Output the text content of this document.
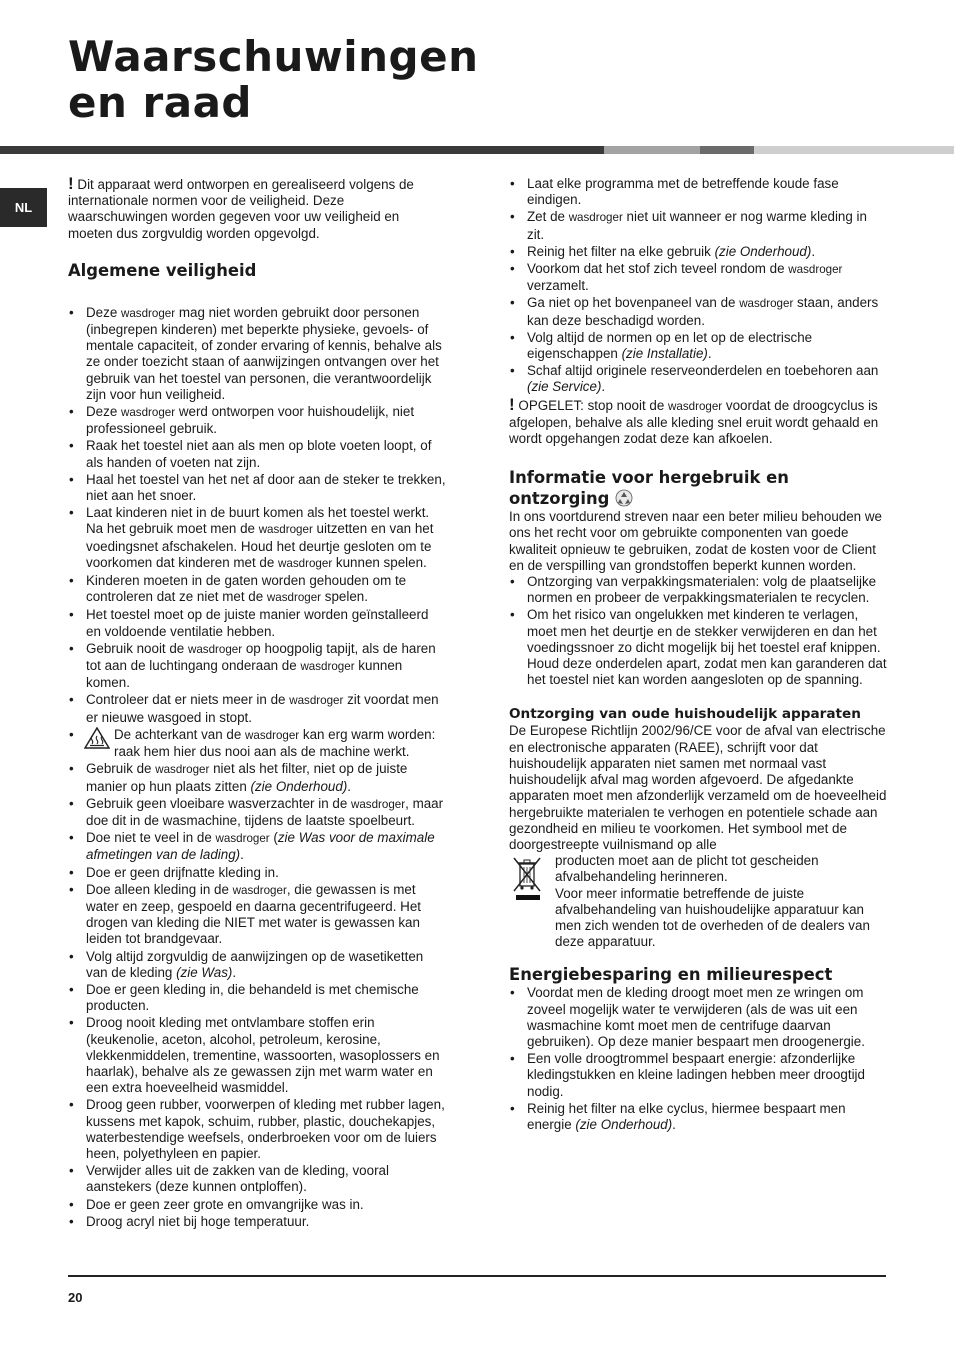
Waarschuwingen
en raad
NL

! Dit apparaat werd ontworpen en gerealiseerd volgens de internationale normen voor de veiligheid. Deze waarschuwingen worden gegeven voor uw veiligheid en moeten dus zorgvuldig worden opgevolgd.

Algemene veiligheid
• Deze wasdroger mag niet worden gebruikt door personen (inbegrepen kinderen) met beperkte physieke, gevoels- of mentale capaciteit, of zonder ervaring of kennis, behalve als ze onder toezicht staan of aanwijzingen ontvangen over het gebruik van het toestel van personen, die verantwoordelijk zijn voor hun veiligheid.
• Deze wasdroger werd ontworpen voor huishoudelijk, niet professioneel gebruik.
• Raak het toestel niet aan als men op blote voeten loopt, of als handen of voeten nat zijn.
• Haal het toestel van het net af door aan de steker te trekken, niet aan het snoer.
• Laat kinderen niet in de buurt komen als het toestel werkt. Na het gebruik moet men de wasdroger uitzetten en van het voedingsnet afschakelen. Houd het deurtje gesloten om te voorkomen dat kinderen met de wasdroger kunnen spelen.
• Kinderen moeten in de gaten worden gehouden om te controleren dat ze niet met de wasdroger spelen.
• Het toestel moet op de juiste manier worden geïnstalleerd en voldoende ventilatie hebben.
• Gebruik nooit de wasdroger op hoogpolig tapijt, als de haren tot aan de luchtingang onderaan de wasdroger kunnen komen.
• Controleer dat er niets meer in de wasdroger zit voordat men er nieuwe wasgoed in stopt.
• De achterkant van de wasdroger kan erg warm worden:
raak hem hier dus nooi aan als de machine werkt.
• Gebruik de wasdroger niet als het filter, niet op de juiste manier op hun plaats zitten (zie Onderhoud).
• Gebruik geen vloeibare wasverzachter in de wasdroger, maar doe dit in de wasmachine, tijdens de laatste spoelbeurt.
• Doe niet te veel in de wasdroger (zie Was voor de maximale afmetingen van de lading).
• Doe er geen drijfnatte kleding in.
• Doe alleen kleding in de wasdroger, die gewassen is met water en zeep, gespoeld en daarna gecentrifugeerd. Het drogen van kleding die NIET met water is gewassen kan leiden tot brandgevaar.
• Volg altijd zorgvuldig de aanwijzingen op de wasetiketten van de kleding (zie Was).
• Doe er geen kleding in, die behandeld is met chemische producten.
• Droog nooit kleding met ontvlambare stoffen erin (keukenolie, aceton, alcohol, petroleum, kerosine, vlekkenmiddelen, trementine, wassoorten, wasoplossers en haarlak), behalve als ze gewassen zijn met warm water en een extra hoeveelheid wasmiddel.
• Droog geen rubber, voorwerpen of kleding met rubber lagen, kussens met kapok, schuim, rubber, plastic, douchekapjes, waterbestendige weefsels, onderbroeken voor om de luiers heen, polyethyleen en papier.
• Verwijder alles uit de zakken van de kleding, vooral aanstekers (deze kunnen ontploffen).
• Doe er geen zeer grote en omvangrijke was in.
• Droog acryl niet bij hoge temperatuur.
• Laat elke programma met de betreffende koude fase eindigen.
• Zet de wasdroger niet uit wanneer er nog warme kleding in zit.
• Reinig het filter na elke gebruik (zie Onderhoud).
• Voorkom dat het stof zich teveel rondom de wasdroger verzamelt.
• Ga niet op het bovenpaneel van de wasdroger staan, anders kan deze beschadigd worden.
• Volg altijd de normen op en let op de electrische eigenschappen (zie Installatie).
• Schaf altijd originele reserveonderdelen en toebehoren aan (zie Service).

! OPGELET: stop nooit de wasdroger voordat de droogcyclus is afgelopen, behalve als alle kleding snel eruit wordt gehaald en wordt opgehangen zodat deze kan afkoelen.

Informatie voor hergebruik en
ontzorging

In ons voortdurend streven naar een beter milieu behouden we ons het recht voor om gebruikte componenten van goede kwaliteit opnieuw te gebruiken, zodat de kosten voor de Client en de verspilling van grondstoffen beperkt kunnen worden.

• Ontzorging van verpakkingsmaterialen: volg de plaatselijke normen en probeer de verpakkingsmaterialen te recyclen.
• Om het risico van ongelukken met kinderen te verlagen, moet men het deurtje en de stekker verwijderen en dan het voedingssnoer zo dicht mogelijk bij het toestel eraf knippen. Houd deze onderdelen apart, zodat men kan garanderen dat het toestel niet kan worden aangesloten op de spanning.
Ontzorging van oude huishoudelijk apparaten

De Europese Richtlijn 2002/96/CE voor de afval van electrische en electronische apparaten (RAEE), schrijft voor dat huishoudelijk apparaten niet samen met normaal vast huishoudelijk afval mag worden afgevoerd. De afgedankte apparaten moet men afzonderlijk verzameld om de hoeveelheid hergebruikte materialen te verhogen en potentiele schade aan gezondheid en milieu te voorkomen. Het symbool met de doorgestreepte vuilnismand op alle

producten moet aan de plicht tot gescheiden afvalbehandeling herinneren.
Voor meer informatie betreffende de juiste afvalbehandeling van huishoudelijke apparatuur kan men zich wenden tot de overheden of de dealers van deze apparatuur.
Energiebesparing en milieurespect
• Voordat men de kleding droogt moet men ze wringen om zoveel mogelijk water te verwijderen (als de was uit een wasmachine komt moet men de centrifuge daarvan gebruiken). Op deze manier bespaart men droogenergie.
• Een volle droogtrommel bespaart energie: afzonderlijke kledingstukken en kleine ladingen hebben meer droogtijd nodig.
• Reinig het filter na elke cyclus, hiermee bespaart men energie (zie Onderhoud).
20
